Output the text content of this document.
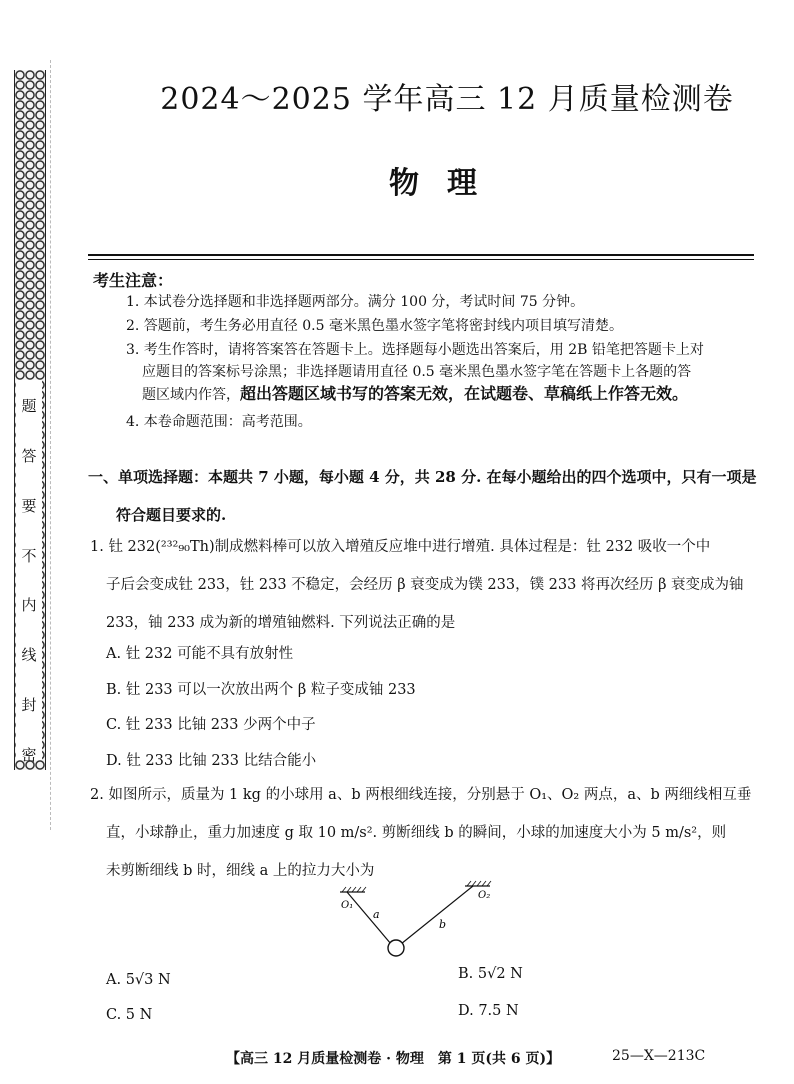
题
答
要
不
内
线
封
密
2024～2025 学年高三 12 月质量检测卷
物理
考生注意：
1. 本试卷分选择题和非选择题两部分。满分 100 分，考试时间 75 分钟。
2. 答题前，考生务必用直径 0.5 毫米黑色墨水签字笔将密封线内项目填写清楚。
3. 考生作答时，请将答案答在答题卡上。选择题每小题选出答案后，用 2B 铅笔把答题卡上对
应题目的答案标号涂黑；非选择题请用直径 0.5 毫米黑色墨水签字笔在答题卡上各题的答
题区域内作答，超出答题区域书写的答案无效，在试题卷、草稿纸上作答无效。
4. 本卷命题范围：高考范围。
一、单项选择题：本题共 7 小题，每小题 4 分，共 28 分. 在每小题给出的四个选项中，只有一项是
符合题目要求的.
1. 钍 232(²³²₉₀Th)制成燃料棒可以放入增殖反应堆中进行增殖. 具体过程是：钍 232 吸收一个中
子后会变成钍 233，钍 233 不稳定，会经历 β 衰变成为镤 233，镤 233 将再次经历 β 衰变成为铀
233，铀 233 成为新的增殖铀燃料. 下列说法正确的是
A. 钍 232 可能不具有放射性
B. 钍 233 可以一次放出两个 β 粒子变成铀 233
C. 钍 233 比铀 233 少两个中子
D. 钍 233 比铀 233 比结合能小
2. 如图所示，质量为 1 kg 的小球用 a、b 两根细线连接，分别悬于 O₁、O₂ 两点，a、b 两细线相互垂
直，小球静止，重力加速度 g 取 10 m/s². 剪断细线 b 的瞬间，小球的加速度大小为 5 m/s²，则
未剪断细线 b 时，细线 a 上的拉力大小为
O₁
O₂
a
b
A. 5√3 N	B. 5√2 N
C. 5 N	D. 7.5 N
【高三 12 月质量检测卷 · 物理　第 1 页(共 6 页)】	25—X—213C
